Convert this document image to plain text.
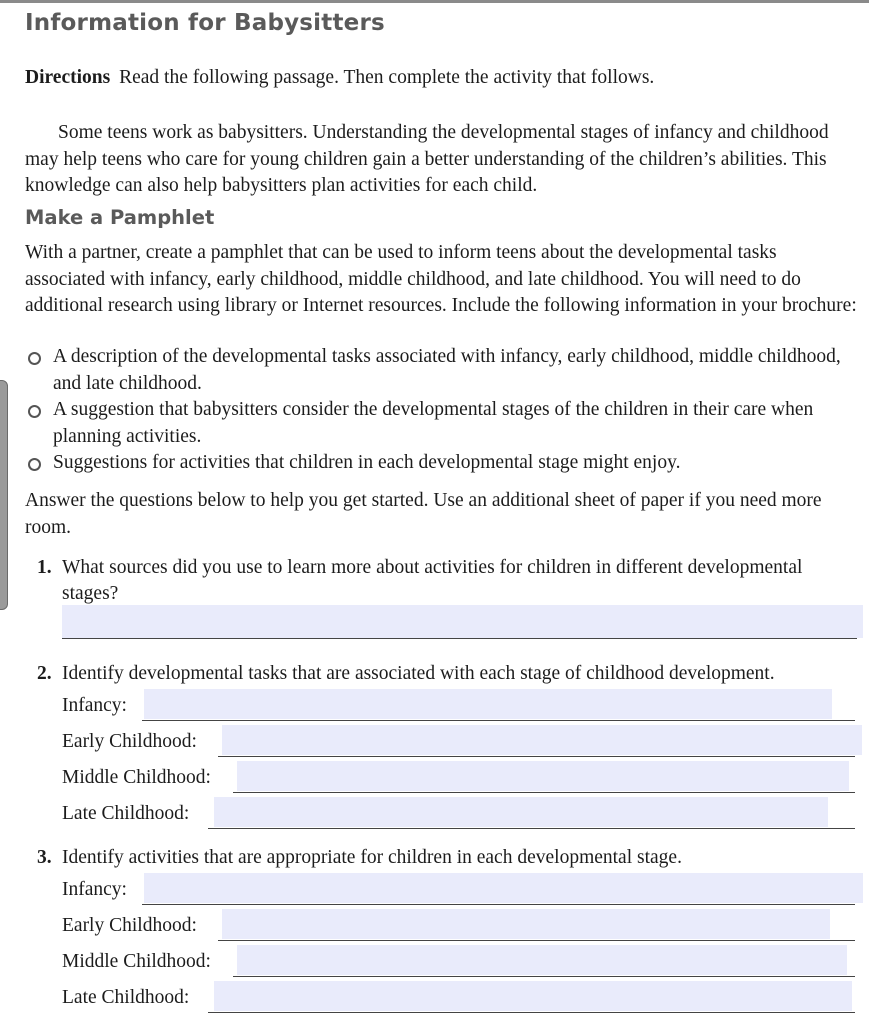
Information for Babysitters
Directions Read the following passage. Then complete the activity that follows.

Some teens work as babysitters. Understanding the developmental stages of infancy and childhood may help teens who care for young children gain a better understanding of the children’s abilities. This knowledge can also help babysitters plan activities for each child.

Make a Pamphlet

With a partner, create a pamphlet that can be used to inform teens about the developmental tasks associated with infancy, early childhood, middle childhood, and late childhood. You will need to do additional research using library or Internet resources. Include the following information in your brochure:

A description of the developmental tasks associated with infancy, early childhood, middle childhood, and late childhood.
A suggestion that babysitters consider the developmental stages of the children in their care when planning activities.
Suggestions for activities that children in each developmental stage might enjoy.

Answer the questions below to help you get started. Use an additional sheet of paper if you need more room.

1. What sources did you use to learn more about activities for children in different developmental stages?
2. Identify developmental tasks that are associated with each stage of childhood development.
Infancy:
Early Childhood:
Middle Childhood:
Late Childhood:
3. Identify activities that are appropriate for children in each developmental stage.
Infancy:
Early Childhood:
Middle Childhood:
Late Childhood:
